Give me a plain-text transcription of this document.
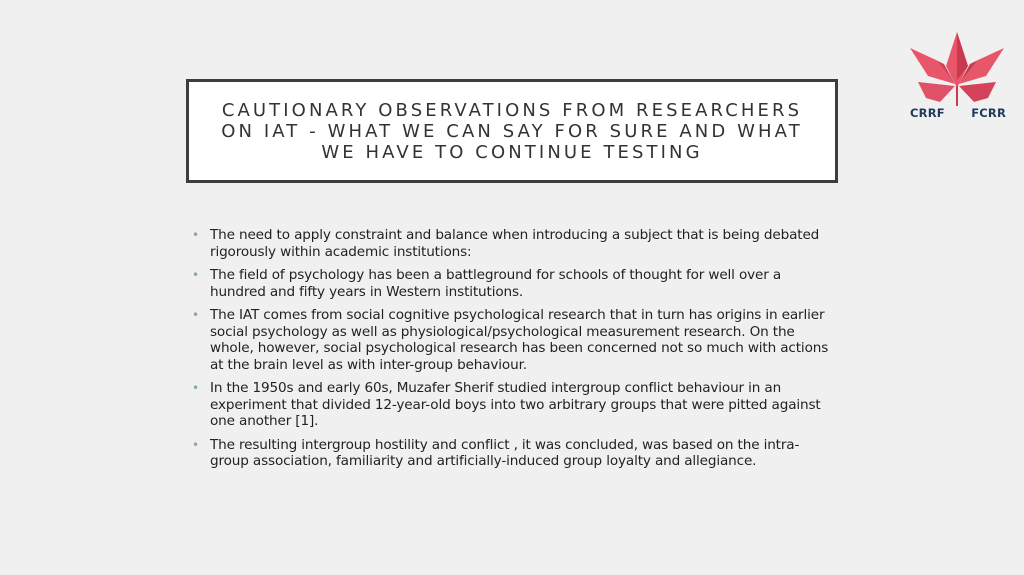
CAUTIONARY OBSERVATIONS FROM RESEARCHERS ON IAT - WHAT WE CAN SAY FOR SURE AND WHAT WE HAVE TO CONTINUE TESTING

CRRF FCRR
• The need to apply constraint and balance when introducing a subject that is being debated rigorously within academic institutions:
• The field of psychology has been a battleground for schools of thought for well over a hundred and fifty years in Western institutions.
• The IAT comes from social cognitive psychological research that in turn has origins in earlier social psychology as well as physiological/psychological measurement research. On the whole, however, social psychological research has been concerned not so much with actions at the brain level as with inter-group behaviour.
• In the 1950s and early 60s, Muzafer Sherif studied intergroup conflict behaviour in an experiment that divided 12-year-old boys into two arbitrary groups that were pitted against one another [1].
• The resulting intergroup hostility and conflict , it was concluded, was based on the intra-group association, familiarity and artificially-induced group loyalty and allegiance.
